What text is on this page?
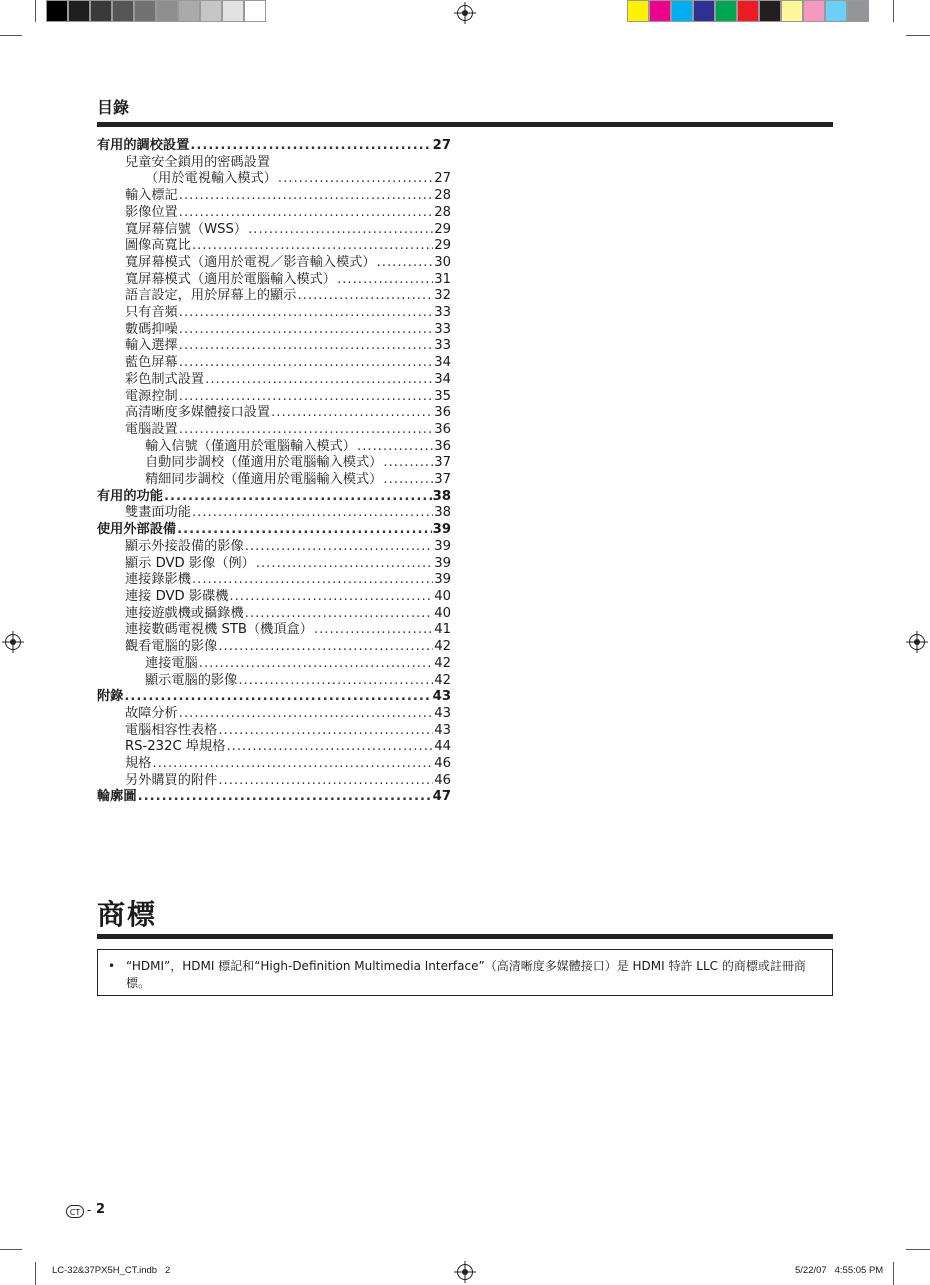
目錄
有用的調校設置 .....	27
兒童安全鎖用的密碼設置
（用於電視輸入模式） .....	27
輸入標記 .....	28
影像位置 .....	28
寬屏幕信號（WSS） .....	29
圖像高寬比 .....	29
寬屏幕模式（適用於電視／影音輸入模式） .....	30
寬屏幕模式（適用於電腦輸入模式） .....	31
語言設定，用於屏幕上的顯示 .....	32
只有音頻 .....	33
數碼抑噪 .....	33
輸入選擇 .....	33
藍色屏幕 .....	34
彩色制式設置 .....	34
電源控制 .....	35
高清晰度多媒體接口設置 .....	36
電腦設置 .....	36
輸入信號（僅適用於電腦輸入模式） .....	36
自動同步調校（僅適用於電腦輸入模式） .....	37
精細同步調校（僅適用於電腦輸入模式） .....	37
有用的功能 .....	38
雙畫面功能 .....	38
使用外部設備 .....	39
顯示外接設備的影像 .....	39
顯示 DVD 影像（例） .....	39
連接錄影機 .....	39
連接 DVD 影碟機 .....	40
連接遊戲機或攝錄機 .....	40
連接數碼電視機 STB（機頂盒） .....	41
觀看電腦的影像 .....	42
連接電腦 .....	42
顯示電腦的影像 .....	42
附錄 .....	43
故障分析 .....	43
電腦相容性表格 .....	43
RS-232C 埠規格 .....	44
規格 .....	46
另外購買的附件 .....	46
輪廓圖 .....	47
商標
• “HDMI”，HDMI 標記和“High-Definition Multimedia Interface”（高清晰度多媒體接口）是 HDMI 特許 LLC 的商標或註冊商標。
CT - 2
LC-32&37PX5H_CT.indb   2	5/22/07   4:55:05 PM
